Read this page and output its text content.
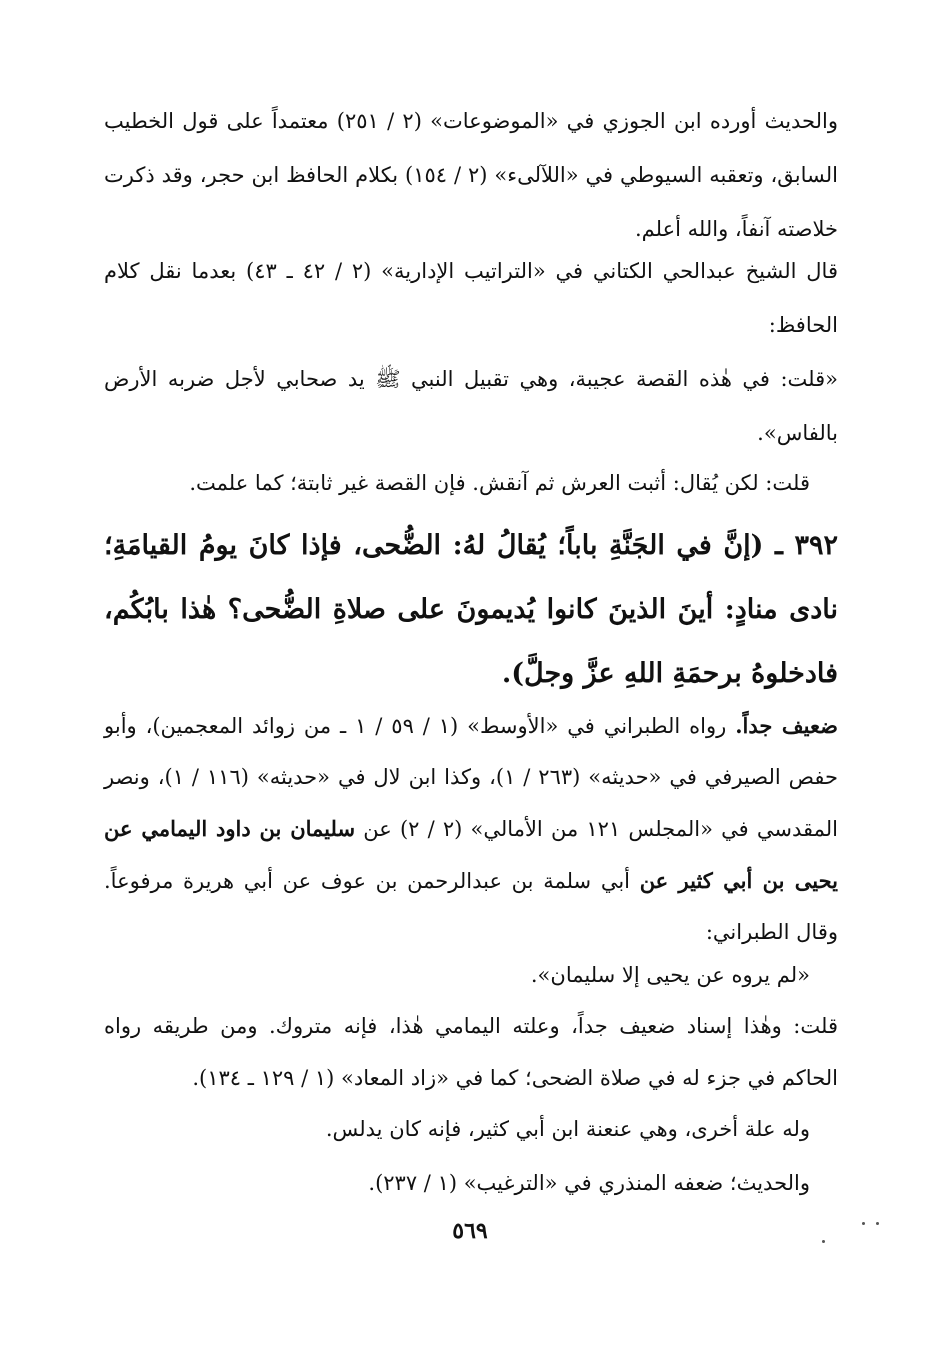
والحديث أورده ابن الجوزي في «الموضوعات» (٢ / ٢٥١) معتمداً على قول الخطيب السابق، وتعقبه السيوطي في «اللآلىء» (٢ / ١٥٤) بكلام الحافظ ابن حجر، وقد ذكرت خلاصته آنفاً، والله أعلم.

قال الشيخ عبدالحي الكتاني في «التراتيب الإدارية» (٢ / ٤٢ ـ ٤٣) بعدما نقل كلام الحافظ:

«قلت: في هٰذه القصة عجيبة، وهي تقبيل النبي ﷺ يد صحابي لأجل ضربه الأرض بالفاس».

قلت: لكن يُقال: أثبت العرش ثم آنقش. فإن القصة غير ثابتة؛ كما علمت.

٣٩٢ ـ (إنَّ في الجَنَّةِ باباً؛ يُقالُ لهُ: الضُّحى، فإذا كانَ يومُ القيامَةِ؛ نادى منادٍ: أينَ الذينَ كانوا يُديمونَ على صلاةِ الضُّحى؟ هٰذا بابُكُم، فادخلوهُ برحمَةِ اللهِ عزَّ وجلَّ).

ضعيف جداً. رواه الطبراني في «الأوسط» (١ / ٥٩ / ١ ـ من زوائد المعجمين)، وأبو حفص الصيرفي في «حديثه» (٢٦٣ / ١)، وكذا ابن لال في «حديثه» (١١٦ / ١)، ونصر المقدسي في «المجلس ١٢١ من الأمالي» (٢ / ٢) عن سليمان بن داود اليمامي عن يحيى بن أبي كثير عن أبي سلمة بن عبدالرحمن بن عوف عن أبي هريرة مرفوعاً. وقال الطبراني:

«لم يروه عن يحيى إلا سليمان».

قلت: وهٰذا إسناد ضعيف جداً، وعلته اليمامي هٰذا، فإنه متروك. ومن طريقه رواه الحاكم في جزء له في صلاة الضحى؛ كما في «زاد المعاد» (١ / ١٢٩ ـ ١٣٤).

وله علة أخرى، وهي عنعنة ابن أبي كثير، فإنه كان يدلس.

والحديث؛ ضعفه المنذري في «الترغيب» (١ / ٢٣٧).

٥٦٩
